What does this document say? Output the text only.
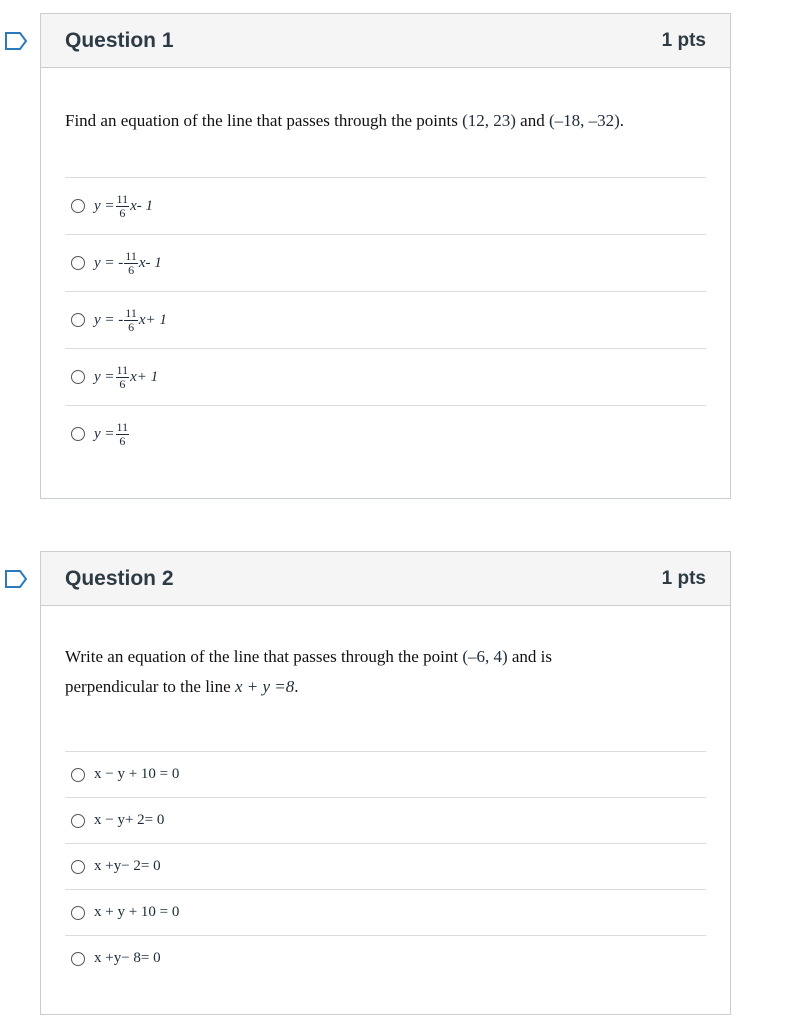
Question 1	1 pts
Find an equation of the line that passes through the points (12, 23) and (–18, –32).
$y = \frac{11}{6} x-$ 1
y = - $\frac{11}{6} x-$ 1
y = - $\frac{11}{6} x+ 1$
$y = \frac{11}{6} x+ 1$
$y = \frac{11}{6}$
Question 2	1 pts
Write an equation of the line that passes through the point (–6, 4) and is
perpendicular to the line x + y =8.
x − y + 10 = 0
x − y+ 2= 0
x +y− 2= 0
x + y + 10 = 0
x +y− 8= 0
